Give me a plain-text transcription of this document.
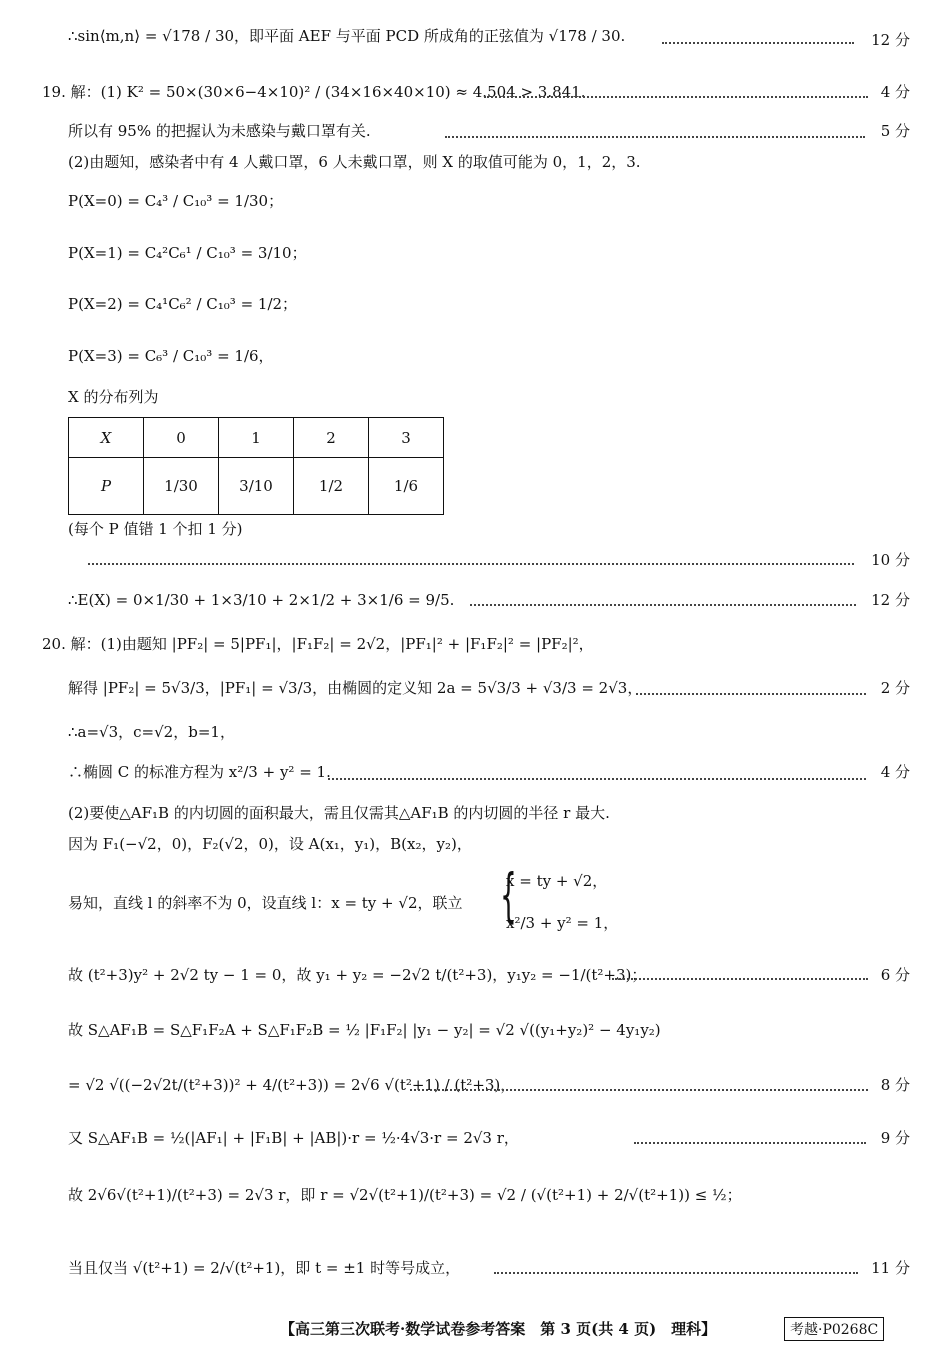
∴sin⟨m,n⟩ = √178 / 30，即平面 AEF 与平面 PCD 所成角的正弦值为 √178 / 30.	12 分
19. 解：(1) K² = 50×(30×6−4×10)² / (34×16×40×10) ≈ 4.504 > 3.841.	4 分
所以有 95% 的把握认为未感染与戴口罩有关.	5 分
(2)由题知，感染者中有 4 人戴口罩，6 人未戴口罩，则 X 的取值可能为 0，1，2，3.
P(X=0) = C₄³ / C₁₀³ = 1/30；
P(X=1) = C₄²C₆¹ / C₁₀³ = 3/10；
P(X=2) = C₄¹C₆² / C₁₀³ = 1/2；
P(X=3) = C₆³ / C₁₀³ = 1/6，
X 的分布列为
X	0	1	2	3
P	1/30	3/10	1/2	1/6
(每个 P 值错 1 个扣 1 分)
10 分
∴E(X) = 0×1/30 + 1×3/10 + 2×1/2 + 3×1/6 = 9/5.	12 分
20. 解：(1)由题知 |PF₂| = 5|PF₁|，|F₁F₂| = 2√2，|PF₁|² + |F₁F₂|² = |PF₂|²，
解得 |PF₂| = 5√3/3，|PF₁| = √3/3，由椭圆的定义知 2a = 5√3/3 + √3/3 = 2√3，	2 分
∴a=√3，c=√2，b=1，
∴椭圆 C 的标准方程为 x²/3 + y² = 1.	4 分
(2)要使△AF₁B 的内切圆的面积最大，需且仅需其△AF₁B 的内切圆的半径 r 最大.
因为 F₁(−√2，0)，F₂(√2，0)，设 A(x₁，y₁)，B(x₂，y₂)，
易知，直线 l 的斜率不为 0，设直线 l：x = ty + √2，联立 {
x = ty + √2，
x²/3 + y² = 1，
故 (t²+3)y² + 2√2 ty − 1 = 0，故 y₁ + y₂ = −2√2 t/(t²+3)，y₁y₂ = −1/(t²+3)；	6 分
故 S△AF₁B = S△F₁F₂A + S△F₁F₂B = ½ |F₁F₂| |y₁ − y₂| = √2 √((y₁+y₂)² − 4y₁y₂)
= √2 √((−2√2t/(t²+3))² + 4/(t²+3)) = 2√6 √(t²+1) / (t²+3)，	8 分
又 S△AF₁B = ½(|AF₁| + |F₁B| + |AB|)·r = ½·4√3·r = 2√3 r，	9 分
故 2√6√(t²+1)/(t²+3) = 2√3 r，即 r = √2√(t²+1)/(t²+3) = √2 / (√(t²+1) + 2/√(t²+1)) ≤ ½；
当且仅当 √(t²+1) = 2/√(t²+1)，即 t = ±1 时等号成立，	11 分
【高三第三次联考·数学试卷参考答案　第 3 页(共 4 页)　理科】	考越·P0268C
